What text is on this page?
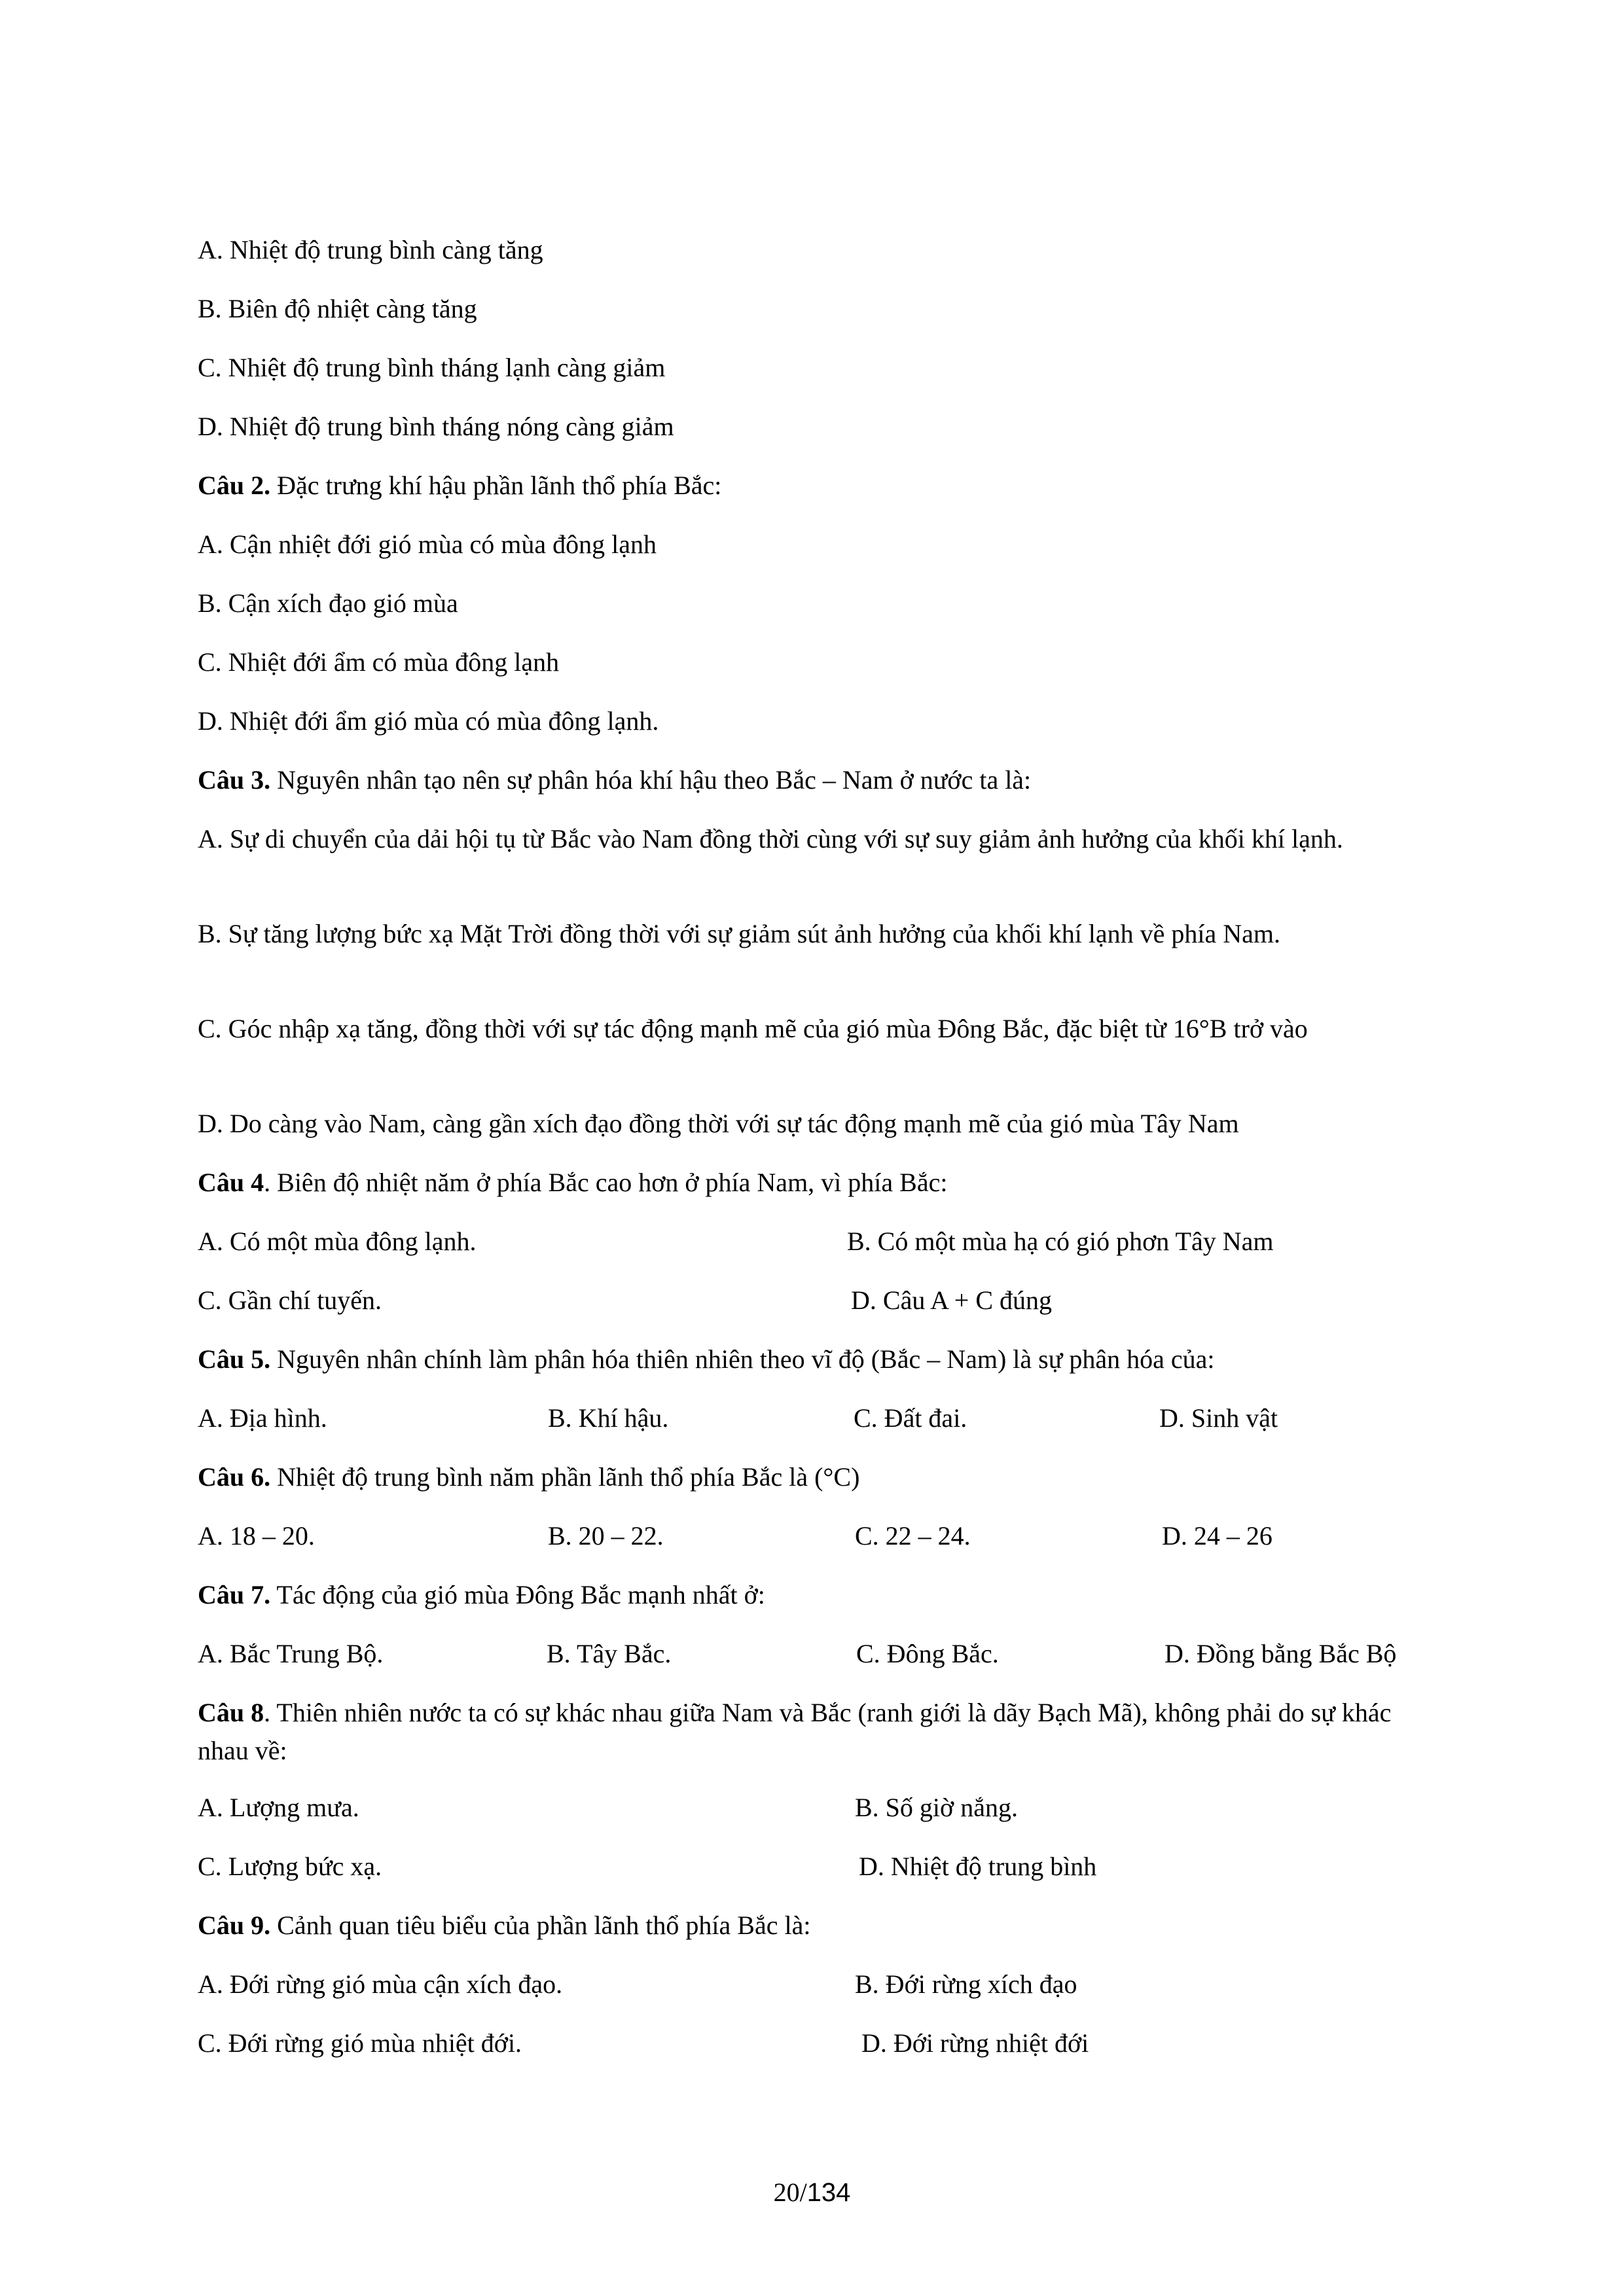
A. Nhiệt độ trung bình càng tăng
B. Biên độ nhiệt càng tăng
C. Nhiệt độ trung bình tháng lạnh càng giảm
D. Nhiệt độ trung bình tháng nóng càng giảm
Câu 2. Đặc trưng khí hậu phần lãnh thổ phía Bắc:
A. Cận nhiệt đới gió mùa có mùa đông lạnh
B. Cận xích đạo gió mùa
C. Nhiệt đới ẩm có mùa đông lạnh
D. Nhiệt đới ẩm gió mùa có mùa đông lạnh.
Câu 3. Nguyên nhân tạo nên sự phân hóa khí hậu theo Bắc – Nam ở nước ta là:
A. Sự di chuyển của dải hội tụ từ Bắc vào Nam đồng thời cùng với sự suy giảm ảnh hưởng của khối khí lạnh.
B. Sự tăng lượng bức xạ Mặt Trời đồng thời với sự giảm sút ảnh hưởng của khối khí lạnh về phía Nam.
C. Góc nhập xạ tăng, đồng thời với sự tác động mạnh mẽ của gió mùa Đông Bắc, đặc biệt từ 16°B trở vào
D. Do càng vào Nam, càng gần xích đạo đồng thời với sự tác động mạnh mẽ của gió mùa Tây Nam
Câu 4. Biên độ nhiệt năm ở phía Bắc cao hơn ở phía Nam, vì phía Bắc:
A. Có một mùa đông lạnh.	B. Có một mùa hạ có gió phơn Tây Nam
C. Gần chí tuyến.	D. Câu A + C đúng
Câu 5. Nguyên nhân chính làm phân hóa thiên nhiên theo vĩ độ (Bắc – Nam) là sự phân hóa của:
A. Địa hình.	B. Khí hậu.	C. Đất đai.	D. Sinh vật
Câu 6. Nhiệt độ trung bình năm phần lãnh thổ phía Bắc là (°C)
A. 18 – 20.	B. 20 – 22.	C. 22 – 24.	D. 24 – 26
Câu 7. Tác động của gió mùa Đông Bắc mạnh nhất ở:
A. Bắc Trung Bộ.	B. Tây Bắc.	C. Đông Bắc.	D. Đồng bằng Bắc Bộ
Câu 8. Thiên nhiên nước ta có sự khác nhau giữa Nam và Bắc (ranh giới là dãy Bạch Mã), không phải do sự khác nhau về:
A. Lượng mưa.	B. Số giờ nắng.
C. Lượng bức xạ.	D. Nhiệt độ trung bình
Câu 9. Cảnh quan tiêu biểu của phần lãnh thổ phía Bắc là:
A. Đới rừng gió mùa cận xích đạo.	B. Đới rừng xích đạo
C. Đới rừng gió mùa nhiệt đới.	D. Đới rừng nhiệt đới
20/134
